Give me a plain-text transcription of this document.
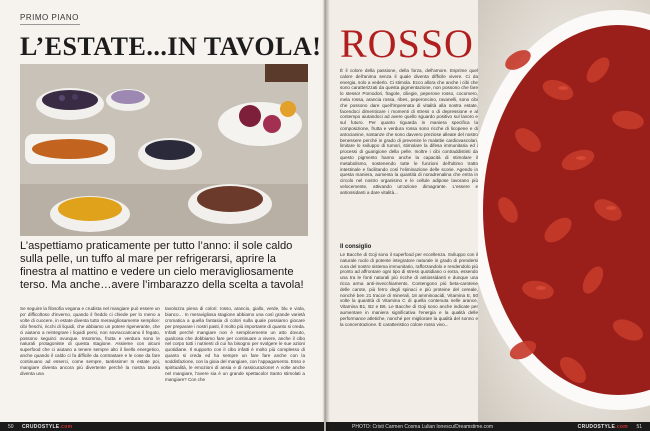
PRIMO PIANO
L’ESTATE...IN TAVOLA!
L’aspettiamo praticamente per tutto l’anno: il sole caldo sulla pelle, un tuffo al mare per refrigerarsi, aprire la finestra al mattino e vedere un cielo meravigliosamente terso. Ma anche…avere l’imbarazzo della scelta a tavola!
Se seguire la filosofia vegana e crudista nel mangiare può essere un po' difficoltoso d'inverno, quando il freddo ci chiede per lo meno a volte di cuocere, in estate diventa tutto meravigliosamente semplice: cibi freschi, ricchi di liquidi, che abbiamo un potere rigenerante, che ci aiutano a reintegrare i liquidi persi, non sovraccaricano il fegato, possono seguirci ovunque. Insomma, frutta e verdura sono le naturali protagoniste di questa stagione. Assieme con alcuni superfood che ci aiutano a tenere sempre alto il livello energetico, anche quando il caldo ci fa difficile da contrastare e le cose da fare continuano ad esserci, come sempre, tantissime! In estate poi, mangiare diventa ancora più divertente perché la nostra tavola diventa una
tavolozza piena di colori: rosso, arancio, giallo, verde, blu e viola, bianco… In meravigliosa stagione abbiamo una così grande varietà cromatica a quella fantasia di colori sulla quale possiamo giocare per preparare i nostri pasti, il molto più importante di quanto si creda. Infatti perché mangiare non è semplicemente un atto dovuto, qualcosa che dobbiamo fare per continuare a vivere, anche il cibo nel corpo tutti i nutrienti di cui ha bisogno per svolgere le sue azioni quotidiane. Il supporto con il cibo infatti è molto più complesso di quanto si creda ed ha sempre un fare fare anche con la soddisfazione, con la gioia del mangiare, con l'appagamento. Esso e spiritualità, le emozioni di ansia e di rassicurazione! A volte anche nel mangiare, l'avere sia è un grande spettacolo! Santo stimolati a mangiare? Con che
50 CRUDOSTYLE.com
ROSSO
È il colore della passione, della forza, dell'amore. Esprime quel calore dell'anima senza il quale diventa difficile vivere. Ci da energia, solo a vederlo. Ci stimola. Ecco allora che anche i cibi che sono caratterizzati da questa pigmentazione, non possono che fare lo stesso! Pomodori, fragole, ciliegie, peperone rosso, cocomero, mela rossa, arancia rossa, ribes, peperoncino, ravanelli, sono cibi che possono dare quell'impennata di vitalità alla nostra estate, facendoci dimenticare i momenti di stress o di depressione e al contempo aiutandoci ad avere quello sguardo positivo sul lavoro e sul futuro. Per quanto riguarda in maniera specifica la composizione, frutta e verdura rossa sono ricche di licopene e di antocianine, sostanze che sono davvero preziose alleate del nostro benessere perché in grado di prevenire le malattie cardiovascolari, limitare lo sviluppo di tumori, stimolare la difesa immunitaria ed i processi di guarigione della pelle. Inoltre i cibi contraddistinti da questo pigmento hanno anche la capacità di stimolare il metabolismo, sostenendo tutte le funzioni dell'ultimo tratto intestinale e facilitando così l'eliminazione delle scorie. Agendo in questa maniera, aumenta la quantità di noradrenalina che entra in circolo nel nostro organismo e le cellule adipose lavorano più velocemente, attivando un'azione dimagrante. L'essere e antiossidanti a dare vitalità...
Il consiglio
Le Bacche di Goji sono il superfood per eccellenza. Sviluppo con il naturale ruolo di potente integratore naturale in grado di prendersi cura del nostro sistema immunitario, rafforzandolo e rendendolo più pronto ad affrontare ogni tipo di stress quotidiano o extra, essendo una tra le fonti naturali più ricche di antiossidanti e dunque una ricca arma anti-invecchiamento. Contengono più beta-carotene delle carote, più ferro degli spinaci e più proteine del cereale, nonché ben 21 tracce di minerali, 18 amminoacidi, Vitamina E, 50 volte la quantità di Vitamina C di quella contenuta nelle arance, Vitamina B1, B2 e B6. Le Bacche di Goji sono anche indicate per aumentare in maniera significativa l'energia e la qualità delle performance atletiche, nonché per migliorare la qualità del sonno e la concentrazione. È caratteristico colore rosso vivo...
PHOTO: Cristi Carmen Cosma Lulian Ionescu/Dreamstime.com	CRUDOSTYLE.com 51
